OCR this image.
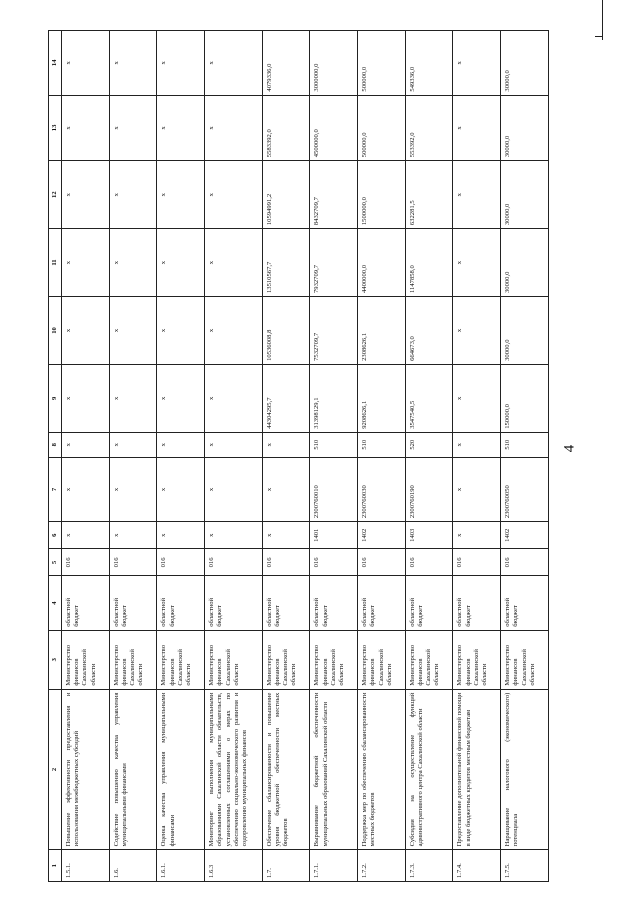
4
1	2	3	4	5	6	7	8	9	10	11	12	13	14
1.5.1.	Повышение эффективности предоставления и использования межбюджетных субсидий	Министерство финансов Сахалинской области	областной бюджет	016	x	x	x	x	x	x	x	x	x
1.6.	Содействие повышению качества управления муниципальными финансами	Министерство финансов Сахалинской области	областной бюджет	016	x	x	x	x	x	x	x	x	x
1.6.1.	Оценка качества управления муниципальными финансами	Министерство финансов Сахалинской области	областной бюджет	016	x	x	x	x	x	x	x	x	x
1.6.3	Мониторинг выполнения муниципальными образованиями Сахалинской области обязательств, установленных соглашениями о мерах по обеспечению социально-экономического развития и оздоровлению муниципальных финансов	Министерство финансов Сахалинской области	областной бюджет	016	x	x	x	x	x	x	x	x	x
1.7.	Обеспечение сбалансированности и повышение уровня бюджетной обеспеченности местных бюджетов	Министерство финансов Сахалинской области	областной бюджет	016	x	x	x	44304295,7	10536008,8	13510567,7	10594991,2	5583392,0	4079336,0
1.7.1.	Выравнивание бюджетной обеспеченности муниципальных образований Сахалинской области	Министерство финансов Сахалинской области	областной бюджет	016	1401	2300760010	510	31398129,1	7532709,7	7932709,7	8432709,7	4500000,0	3000000,0
1.7.2.	Поддержка мер по обеспечению сбалансированности местных бюджетов	Министерство финансов Сахалинской области	областной бюджет	016	1402	2300760030	510	9208626,1	2308626,1	4400000,0	1500000,0	500000,0	500000,0
1.7.3.	Субсидия на осуществление функций административного центра Сахалинской области	Министерство финансов Сахалинской области	областной бюджет	016	1403	2300760190	520	3547540,5	664673,0	1147858,0	632281,5	553392,0	549336,0
1.7.4.	Предоставление дополнительной финансовой помощи в виде бюджетных кредитов местным бюджетам	Министерство финансов Сахалинской области	областной бюджет	016	x	x	x	x	x	x	x	x	x
1.7.5.	Наращивание налогового (экономического) потенциала	Министерство финансов Сахалинской области	областной бюджет	016	1402	2300760050	510	150000,0	30000,0	30000,0	30000,0	30000,0	30000,0
